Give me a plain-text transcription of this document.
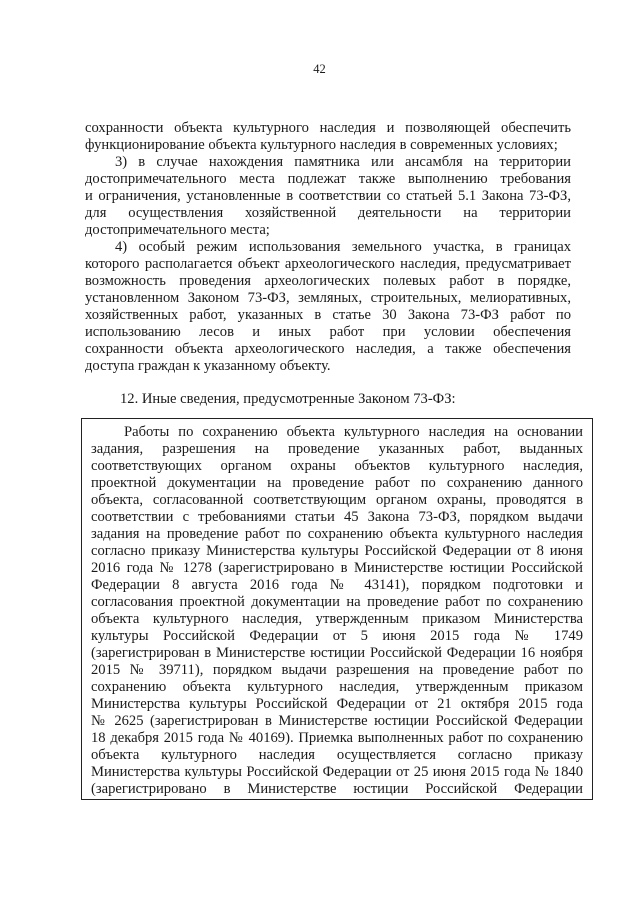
42
сохранности объекта культурного наследия и позволяющей обеспечить
функционирование объекта культурного наследия в современных условиях;
3) в случае нахождения памятника или ансамбля на территории
достопримечательного места подлежат также выполнению требования
и ограничения, установленные в соответствии со статьей 5.1 Закона 73-ФЗ,
для осуществления хозяйственной деятельности на территории
достопримечательного места;
4) особый режим использования земельного участка, в границах
которого располагается объект археологического наследия, предусматривает
возможность проведения археологических полевых работ в порядке,
установленном Законом 73-ФЗ, земляных, строительных, мелиоративных,
хозяйственных работ, указанных в статье 30 Закона 73-ФЗ работ по
использованию лесов и иных работ при условии обеспечения
сохранности объекта археологического наследия, а также обеспечения
доступа граждан к указанному объекту.
12. Иные сведения, предусмотренные Законом 73-ФЗ:
Работы по сохранению объекта культурного наследия на основании
задания, разрешения на проведение указанных работ, выданных
соответствующих органом охраны объектов культурного наследия,
проектной документации на проведение работ по сохранению данного
объекта, согласованной соответствующим органом охраны, проводятся в
соответствии с требованиями статьи 45 Закона 73-ФЗ, порядком выдачи
задания на проведение работ по сохранению объекта культурного наследия
согласно приказу Министерства культуры Российской Федерации от 8 июня
2016 года № 1278 (зарегистрировано в Министерстве юстиции Российской
Федерации 8 августа 2016 года № 43141), порядком подготовки и
согласования проектной документации на проведение работ по сохранению
объекта культурного наследия, утвержденным приказом Министерства
культуры Российской Федерации от 5 июня 2015 года № 1749
(зарегистрирован в Министерстве юстиции Российской Федерации 16 ноября
2015 № 39711), порядком выдачи разрешения на проведение работ по
сохранению объекта культурного наследия, утвержденным приказом
Министерства культуры Российской Федерации от 21 октября 2015 года
№ 2625 (зарегистрирован в Министерстве юстиции Российской Федерации
18 декабря 2015 года № 40169). Приемка выполненных работ по сохранению
объекта культурного наследия осуществляется согласно приказу
Министерства культуры Российской Федерации от 25 июня 2015 года № 1840
(зарегистрировано в Министерстве юстиции Российской Федерации
